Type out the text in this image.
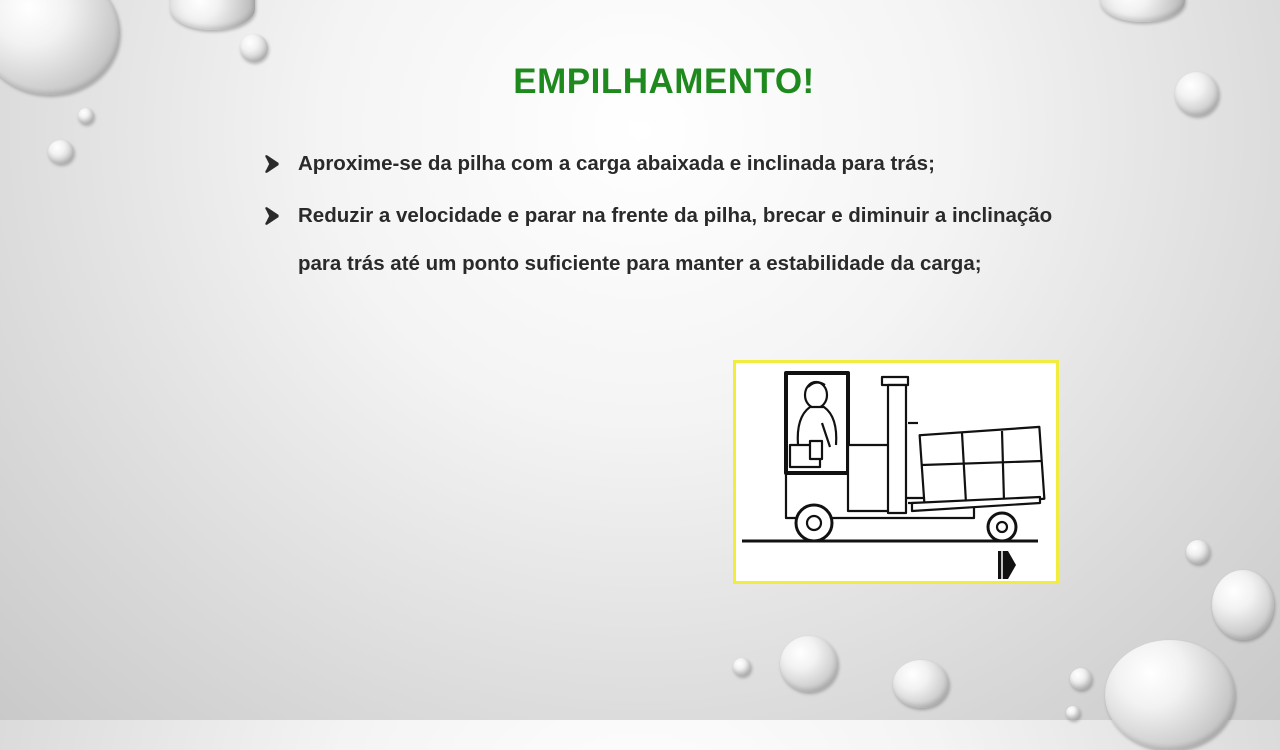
EMPILHAMENTO!
Aproxime-se da pilha com a carga abaixada e inclinada para trás;
Reduzir a velocidade e parar na frente da pilha, brecar e diminuir a inclinação para trás até um ponto suficiente para manter a estabilidade da carga;
